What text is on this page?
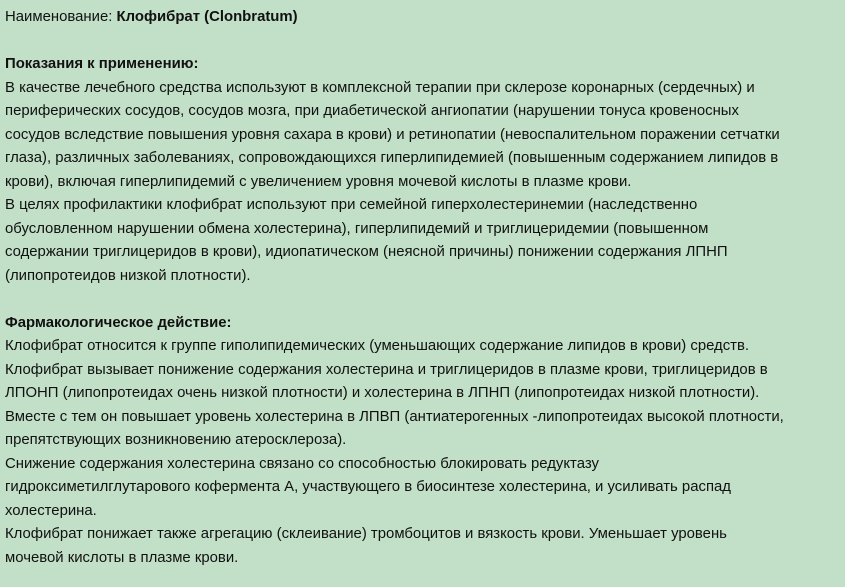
Наименование: Клофибрат (Clonbratum)
Показания к применению:
В качестве лечебного средства используют в комплексной терапии при склерозе коронарных (сердечных) и
периферических сосудов, сосудов мозга, при диабетической ангиопатии (нарушении тонуса кровеносных
сосудов вследствие повышения уровня сахара в крови) и ретинопатии (невоспалительном поражении сетчатки
глаза), различных заболеваниях, сопровождающихся гиперлипидемией (повышенным содержанием липидов в
крови), включая гиперлипидемий с увеличением уровня мочевой кислоты в плазме крови.
В целях профилактики клофибрат используют при семейной гиперхолестеринемии (наследственно
обусловленном нарушении обмена холестерина), гиперлипидемий и триглицеридемии (повышенном
содержании триглицеридов в крови), идиопатическом (неясной причины) понижении содержания ЛПНП
(липопротеидов низкой плотности).
Фармакологическое действие:
Клофибрат относится к группе гиполипидемических (уменьшающих содержание липидов в крови) средств.
Клофибрат вызывает понижение содержания холестерина и триглицеридов в плазме крови, триглицеридов в
ЛПОНП (липопротеидах очень низкой плотности) и холестерина в ЛПНП (липопротеидах низкой плотности).
Вместе с тем он повышает уровень холестерина в ЛПВП (антиатерогенных -липопротеидах высокой плотности,
препятствующих возникновению атеросклероза).
Снижение содержания холестерина связано со способностью блокировать редуктазу
гидроксиметилглутарового кофермента А, участвующего в биосинтезе холестерина, и усиливать распад
холестерина.
Клофибрат понижает также агрегацию (склеивание) тромбоцитов и вязкость крови. Уменьшает уровень
мочевой кислоты в плазме крови.
